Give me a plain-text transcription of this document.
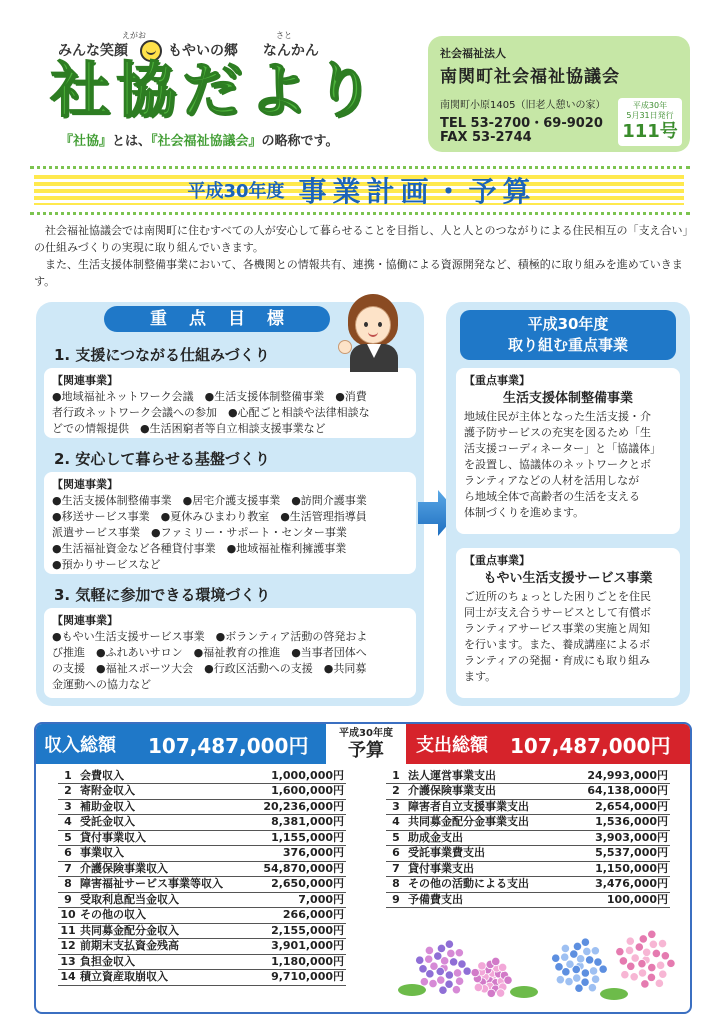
えがお	さと
みんな笑顔	もやいの郷 なんかん
社協だより
『社協』とは、『社会福祉協議会』の略称です。
社会福祉法人
南関町社会福祉協議会
南関町小原1405（旧老人憩いの家）
TEL 53-2700・69-9020
FAX 53-2744
平成30年
5月31日発行
111号
平成30年度 事業計画・予算

社会福祉協議会では南関町に住むすべての人が安心して暮らせることを目指し、人と人とのつながりによる住民相互の「支え合い」の仕組みづくりの実現に取り組んでいきます。

また、生活支援体制整備事業において、各機関との情報共有、連携・協働による資源開発など、積極的に取り組みを進めていきます。

重点目標
1. 支援につながる仕組みづくり
【関連事業】
●地域福祉ネットワーク会議　●生活支援体制整備事業　●消費
者行政ネットワーク会議への参加　●心配ごと相談や法律相談な
どでの情報提供　●生活困窮者等自立相談支援事業など
2. 安心して暮らせる基盤づくり
【関連事業】
●生活支援体制整備事業　●居宅介護支援事業　●訪問介護事業
●移送サービス事業　●夏休みひまわり教室　●生活管理指導員
派遣サービス事業　●ファミリー・サポート・センター事業
●生活福祉資金など各種貸付事業　●地域福祉権利擁護事業
●預かりサービスなど
3. 気軽に参加できる環境づくり
【関連事業】
●もやい生活支援サービス事業　●ボランティア活動の啓発およ
び推進　●ふれあいサロン　●福祉教育の推進　●当事者団体へ
の支援　●福祉スポーツ大会　●行政区活動への支援　●共同募
金運動への協力など
平成30年度
取り組む重点事業
【重点事業】
生活支援体制整備事業
地域住民が主体となった生活支援・介
護予防サービスの充実を図るため「生
活支援コーディネーター」と「協議体」
を設置し、協議体のネットワークとボ
ランティアなどの人材を活用しなが
ら地域全体で高齢者の生活を支える
体制づくりを進めます。
【重点事業】
もやい生活支援サービス事業
ご近所のちょっとした困りごとを住民
同士が支え合うサービスとして有償ボ
ランティアサービス事業の実施と周知
を行います。また、養成講座によるボ
ランティアの発掘・育成にも取り組み
ます。
収入総額 107,487,000円
平成30年度
予算	支出総額 107,487,000円
1	会費収入	1,000,000円
2	寄附金収入	1,600,000円
3	補助金収入	20,236,000円
4	受託金収入	8,381,000円
5	貸付事業収入	1,155,000円
6	事業収入	376,000円
7	介護保険事業収入	54,870,000円
8	障害福祉サービス事業等収入	2,650,000円
9	受取利息配当金収入	7,000円
10	その他の収入	266,000円
11	共同募金配分金収入	2,155,000円
12	前期末支払資金残高	3,901,000円
13	負担金収入	1,180,000円
14	積立資産取崩収入	9,710,000円
1	法人運営事業支出	24,993,000円
2	介護保険事業支出	64,138,000円
3	障害者自立支援事業支出	2,654,000円
4	共同募金配分金事業支出	1,536,000円
5	助成金支出	3,903,000円
6	受託事業費支出	5,537,000円
7	貸付事業支出	1,150,000円
8	その他の活動による支出	3,476,000円
9	予備費支出	100,000円
